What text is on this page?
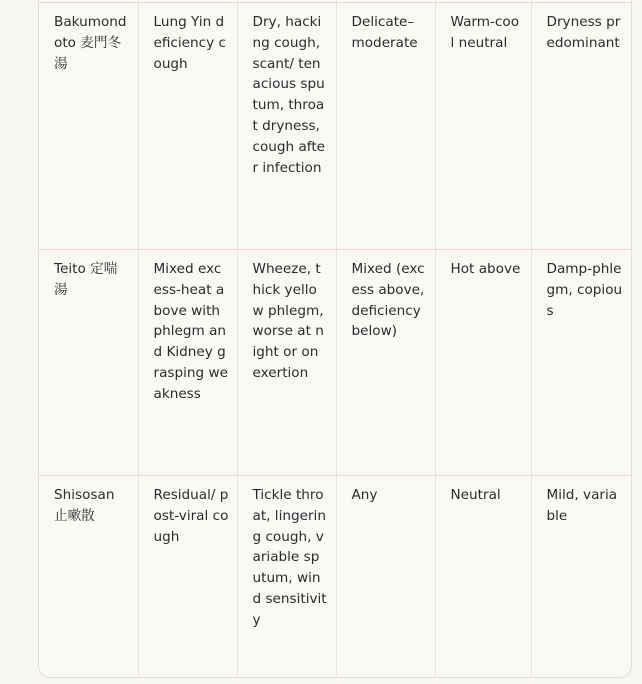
Bakumondoto 麦門冬湯	Lung Yin deficiency cough	Dry, hacking cough, scant/ tenacious sputum, throat dryness, cough after infection	Delicate–moderate	Warm-cool neutral	Dryness predominant
Teito 定喘湯	Mixed excess-heat above with phlegm and Kidney grasping weakness	Wheeze, thick yellow phlegm, worse at night or on exertion	Mixed (excess above, deficiency below)	Hot above	Damp-phlegm, copious
Shisosan 止嗽散	Residual/ post-viral cough	Tickle throat, lingering cough, variable sputum, wind sensitivity	Any	Neutral	Mild, variable
